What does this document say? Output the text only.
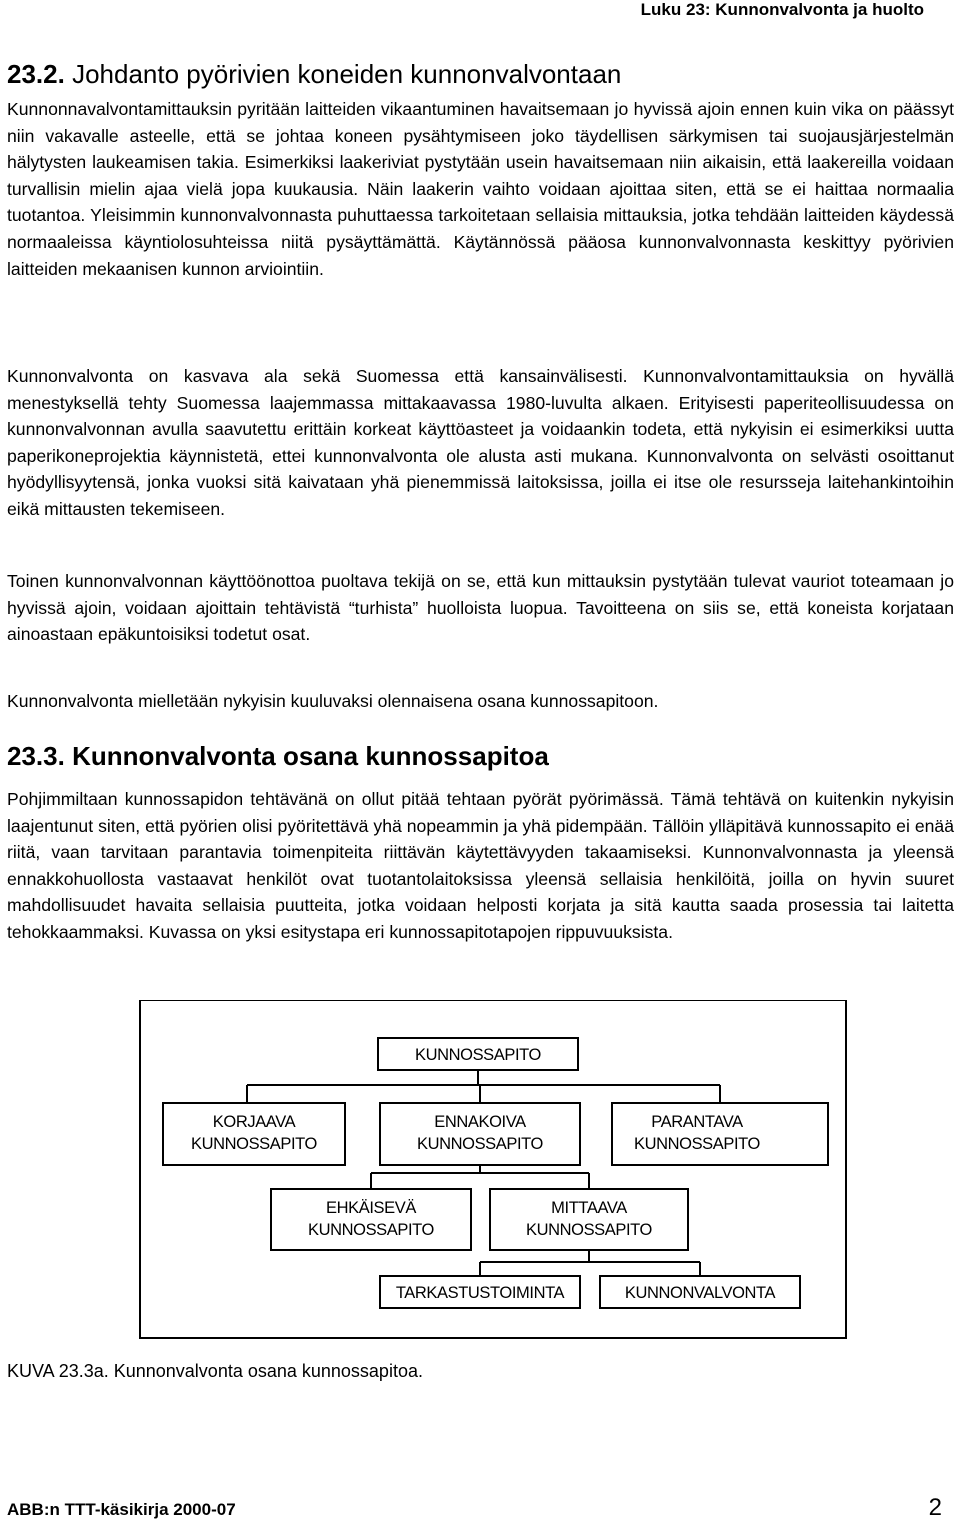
Luku 23: Kunnonvalvonta ja huolto
23.2. Johdanto pyörivien koneiden kunnonvalvontaan

Kunnonnavalvontamittauksin pyritään laitteiden vikaantuminen havaitsemaan jo hyvissä ajoin ennen kuin vika on päässyt niin vakavalle asteelle, että se johtaa koneen pysähtymiseen joko täydellisen särkymisen tai suojausjärjestelmän hälytysten laukeamisen takia. Esimerkiksi laakeriviat pystytään usein havaitsemaan niin aikaisin, että laakereilla voidaan turvallisin mielin ajaa vielä jopa kuukausia. Näin laakerin vaihto voidaan ajoittaa siten, että se ei haittaa normaalia tuotantoa. Yleisimmin kunnonvalvonnasta puhuttaessa tarkoitetaan sellaisia mittauksia, jotka tehdään laitteiden käydessä normaaleissa käyntiolosuhteissa niitä pysäyttämättä. Käytännössä pääosa kunnonvalvonnasta keskittyy pyörivien laitteiden mekaanisen kunnon arviointiin.

Kunnonvalvonta on kasvava ala sekä Suomessa että kansainvälisesti. Kunnonvalvontamittauksia on hyvällä menestyksellä tehty Suomessa laajemmassa mittakaavassa 1980-luvulta alkaen. Erityisesti paperiteollisuudessa on kunnonvalvonnan avulla saavutettu erittäin korkeat käyttöasteet ja voidaankin todeta, että nykyisin ei esimerkiksi uutta paperikoneprojektia käynnistetä, ettei kunnonvalvonta ole alusta asti mukana. Kunnonvalvonta on selvästi osoittanut hyödyllisyytensä, jonka vuoksi sitä kaivataan yhä pienemmissä laitoksissa, joilla ei itse ole resursseja laitehankintoihin eikä mittausten tekemiseen.

Toinen kunnonvalvonnan käyttöönottoa puoltava tekijä on se, että kun mittauksin pystytään tulevat vauriot toteamaan jo hyvissä ajoin, voidaan ajoittain tehtävistä “turhista” huolloista luopua. Tavoitteena on siis se, että koneista korjataan ainoastaan epäkuntoisiksi todetut osat.

Kunnonvalvonta mielletään nykyisin kuuluvaksi olennaisena osana kunnossapitoon.

23.3. Kunnonvalvonta osana kunnossapitoa

Pohjimmiltaan kunnossapidon tehtävänä on ollut pitää tehtaan pyörät pyörimässä. Tämä tehtävä on kuitenkin nykyisin laajentunut siten, että pyörien olisi pyöritettävä yhä nopeammin ja yhä pidempään. Tällöin ylläpitävä kunnossapito ei enää riitä, vaan tarvitaan parantavia toimenpiteita riittävän käytettävyyden takaamiseksi. Kunnonvalvonnasta ja yleensä ennakkohuollosta vastaavat henkilöt ovat tuotantolaitoksissa yleensä sellaisia henkilöitä, joilla on hyvin suuret mahdollisuudet havaita sellaisia puutteita, jotka voidaan helposti korjata ja sitä kautta saada prosessia tai laitetta tehokkaammaksi. Kuvassa on yksi esitystapa eri kunnossapitotapojen rippuvuuksista.

KUNNOSSAPITO
KORJAAVA
KUNNOSSAPITO
ENNAKOIVA
KUNNOSSAPITO
PARANTAVA
KUNNOSSAPITO
EHKÄISEVÄ
KUNNOSSAPITO
MITTAAVA
KUNNOSSAPITO
TARKASTUSTOIMINTA	KUNNONVALVONTA

KUVA 23.3a. Kunnonvalvonta osana kunnossapitoa.

ABB:n TTT-käsikirja 2000-07	2
